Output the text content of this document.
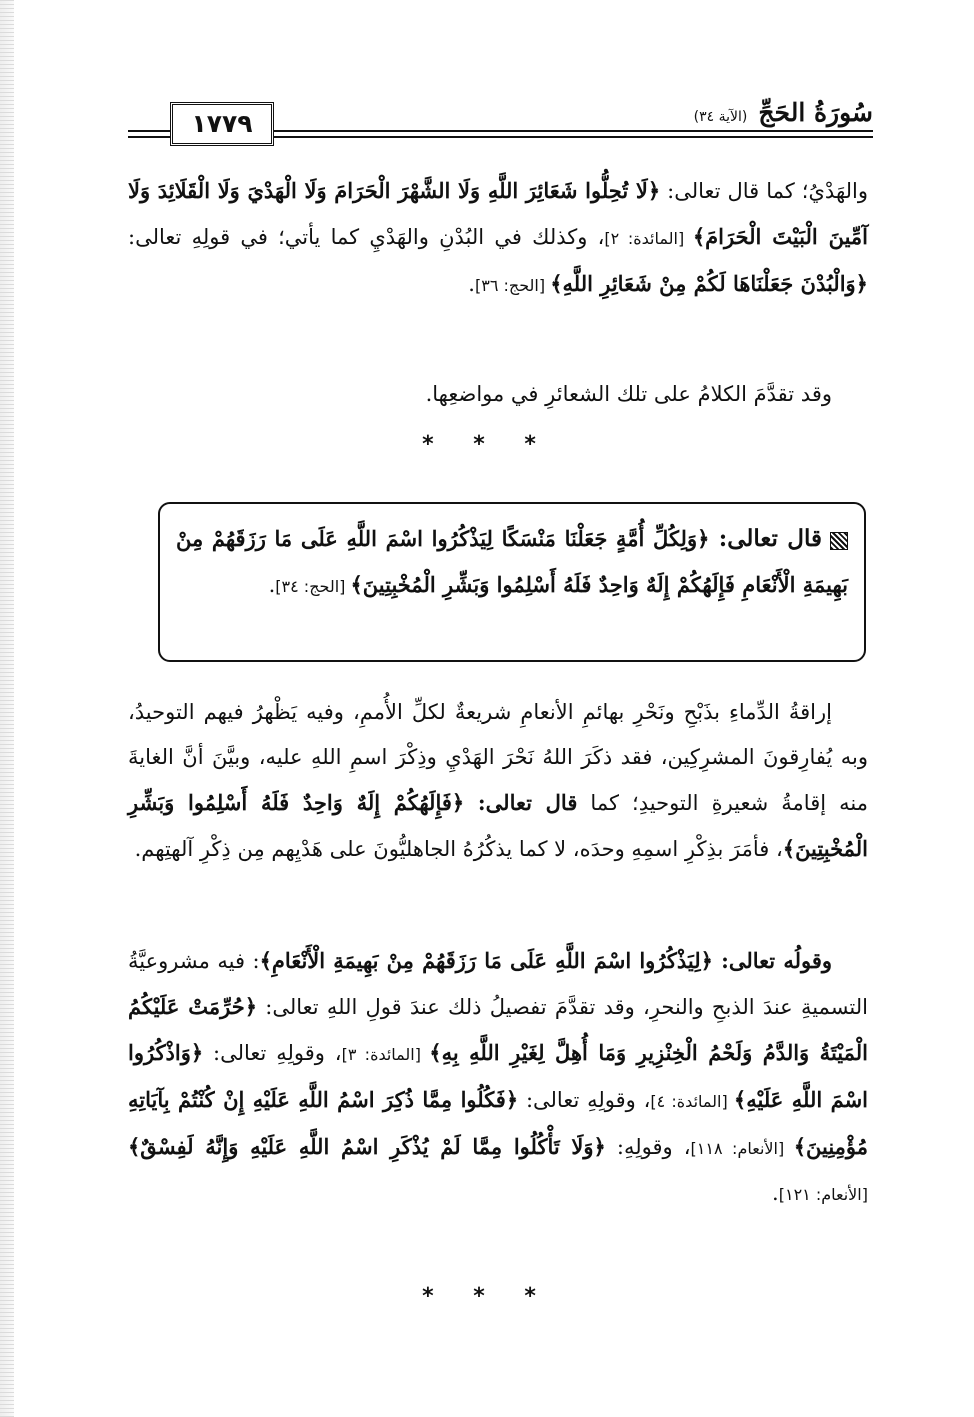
١٧٧٩	سُورَةُ الحَجِّ (الآية ٣٤)

والهَدْيُ؛ كما قال تعالى: ﴿لَا تُحِلُّوا شَعَائِرَ اللَّهِ وَلَا الشَّهْرَ الْحَرَامَ وَلَا الْهَدْيَ وَلَا الْقَلَائِدَ وَلَا آمِّينَ الْبَيْتَ الْحَرَامَ﴾ [المائدة: ٢]، وكذلك في البُدْنِ والهَدْيِ كما يأتي؛ في قولِهِ تعالى: ﴿وَالْبُدْنَ جَعَلْنَاهَا لَكُمْ مِنْ شَعَائِرِ اللَّهِ﴾ [الحج: ٣٦].

وقد تقدَّمَ الكلامُ على تلك الشعائرِ في مواضعِها.

* * *

قال تعالى: ﴿وَلِكُلِّ أُمَّةٍ جَعَلْنَا مَنْسَكًا لِيَذْكُرُوا اسْمَ اللَّهِ عَلَى مَا رَزَقَهُمْ مِنْ بَهِيمَةِ الْأَنْعَامِ فَإِلَهُكُمْ إِلَهٌ وَاحِدٌ فَلَهُ أَسْلِمُوا وَبَشِّرِ الْمُخْبِتِينَ﴾ [الحج: ٣٤].

إراقةُ الدِّماءِ بذَبْحِ ونَحْرِ بهائمِ الأنعامِ شريعةٌ لكلِّ الأُممِ، وفيه يَظْهرُ فيهم التوحيدُ، وبه يُفارِقونَ المشرِكِين، فقد ذكَرَ اللهُ نَحْرَ الهَدْيِ وذِكْرَ اسمِ اللهِ عليه، وبيَّنَ أنَّ الغايةَ منه إقامةُ شعيرةِ التوحيدِ؛ كما قال تعالى: ﴿فَإِلَهُكُمْ إِلَهٌ وَاحِدٌ فَلَهُ أَسْلِمُوا وَبَشِّرِ الْمُخْبِتِينَ﴾، فأمَرَ بذِكْرِ اسمِهِ وحدَه، لا كما يذكُرُهُ الجاهليُّونَ على هَدْيِهم مِن ذِكْرِ آلهتِهم.

وقولُه تعالى: ﴿لِيَذْكُرُوا اسْمَ اللَّهِ عَلَى مَا رَزَقَهُمْ مِنْ بَهِيمَةِ الْأَنْعَامِ﴾: فيه مشروعيَّةُ التسميةِ عندَ الذبحِ والنحرِ، وقد تقدَّمَ تفصيلُ ذلك عندَ قولِ اللهِ تعالى: ﴿حُرِّمَتْ عَلَيْكُمُ الْمَيْتَةُ وَالدَّمُ وَلَحْمُ الْخِنْزِيرِ وَمَا أُهِلَّ لِغَيْرِ اللَّهِ بِهِ﴾ [المائدة: ٣]، وقولِهِ تعالى: ﴿وَاذْكُرُوا اسْمَ اللَّهِ عَلَيْهِ﴾ [المائدة: ٤]، وقولِهِ تعالى: ﴿فَكُلُوا مِمَّا ذُكِرَ اسْمُ اللَّهِ عَلَيْهِ إِنْ كُنْتُمْ بِآيَاتِهِ مُؤْمِنِينَ﴾ [الأنعام: ١١٨]، وقولِهِ: ﴿وَلَا تَأْكُلُوا مِمَّا لَمْ يُذْكَرِ اسْمُ اللَّهِ عَلَيْهِ وَإِنَّهُ لَفِسْقٌ﴾ [الأنعام: ١٢١].

* * *
